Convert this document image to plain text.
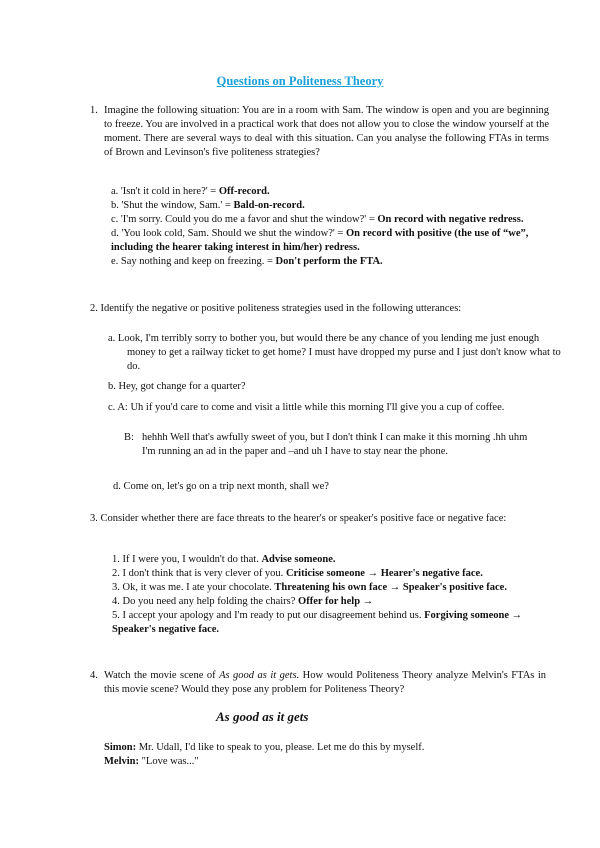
Questions on Politeness Theory
1. Imagine the following situation: You are in a room with Sam. The window is open and you are beginning to freeze. You are involved in a practical work that does not allow you to close the window yourself at the moment. There are several ways to deal with this situation. Can you analyse the following FTAs in terms of Brown and Levinson's five politeness strategies?
a. 'Isn't it cold in here?' = Off-record.
b. 'Shut the window, Sam.' = Bald-on-record.
c. 'I'm sorry. Could you do me a favor and shut the window?' = On record with negative redress.
d. 'You look cold, Sam. Should we shut the window?' = On record with positive (the use of “we”, including the hearer taking interest in him/her) redress.
e. Say nothing and keep on freezing. = Don't perform the FTA.
2. Identify the negative or positive politeness strategies used in the following utterances:
a. Look, I'm terribly sorry to bother you, but would there be any chance of you lending me just enough money to get a railway ticket to get home? I must have dropped my purse and I just don't know what to do.
b. Hey, got change for a quarter?
c. A: Uh if you'd care to come and visit a little while this morning I'll give you a cup of coffee.
B: hehhh Well that's awfully sweet of you, but I don't think I can make it this morning .hh uhm I'm running an ad in the paper and –and uh I have to stay near the phone.
d. Come on, let's go on a trip next month, shall we?
3. Consider whether there are face threats to the hearer's or speaker's positive face or negative face:
1. If I were you, I wouldn't do that. Advise someone.
2. I don't think that is very clever of you. Criticise someone → Hearer's negative face.
3. Ok, it was me. I ate your chocolate. Threatening his own face → Speaker's positive face.
4. Do you need any help folding the chairs? Offer for help →
5. I accept your apology and I'm ready to put our disagreement behind us. Forgiving someone → Speaker's negative face.
4. Watch the movie scene of As good as it gets. How would Politeness Theory analyze Melvin's FTAs in this movie scene? Would they pose any problem for Politeness Theory?
As good as it gets
Simon: Mr. Udall, I'd like to speak to you, please. Let me do this by myself.
Melvin: "Love was..."
